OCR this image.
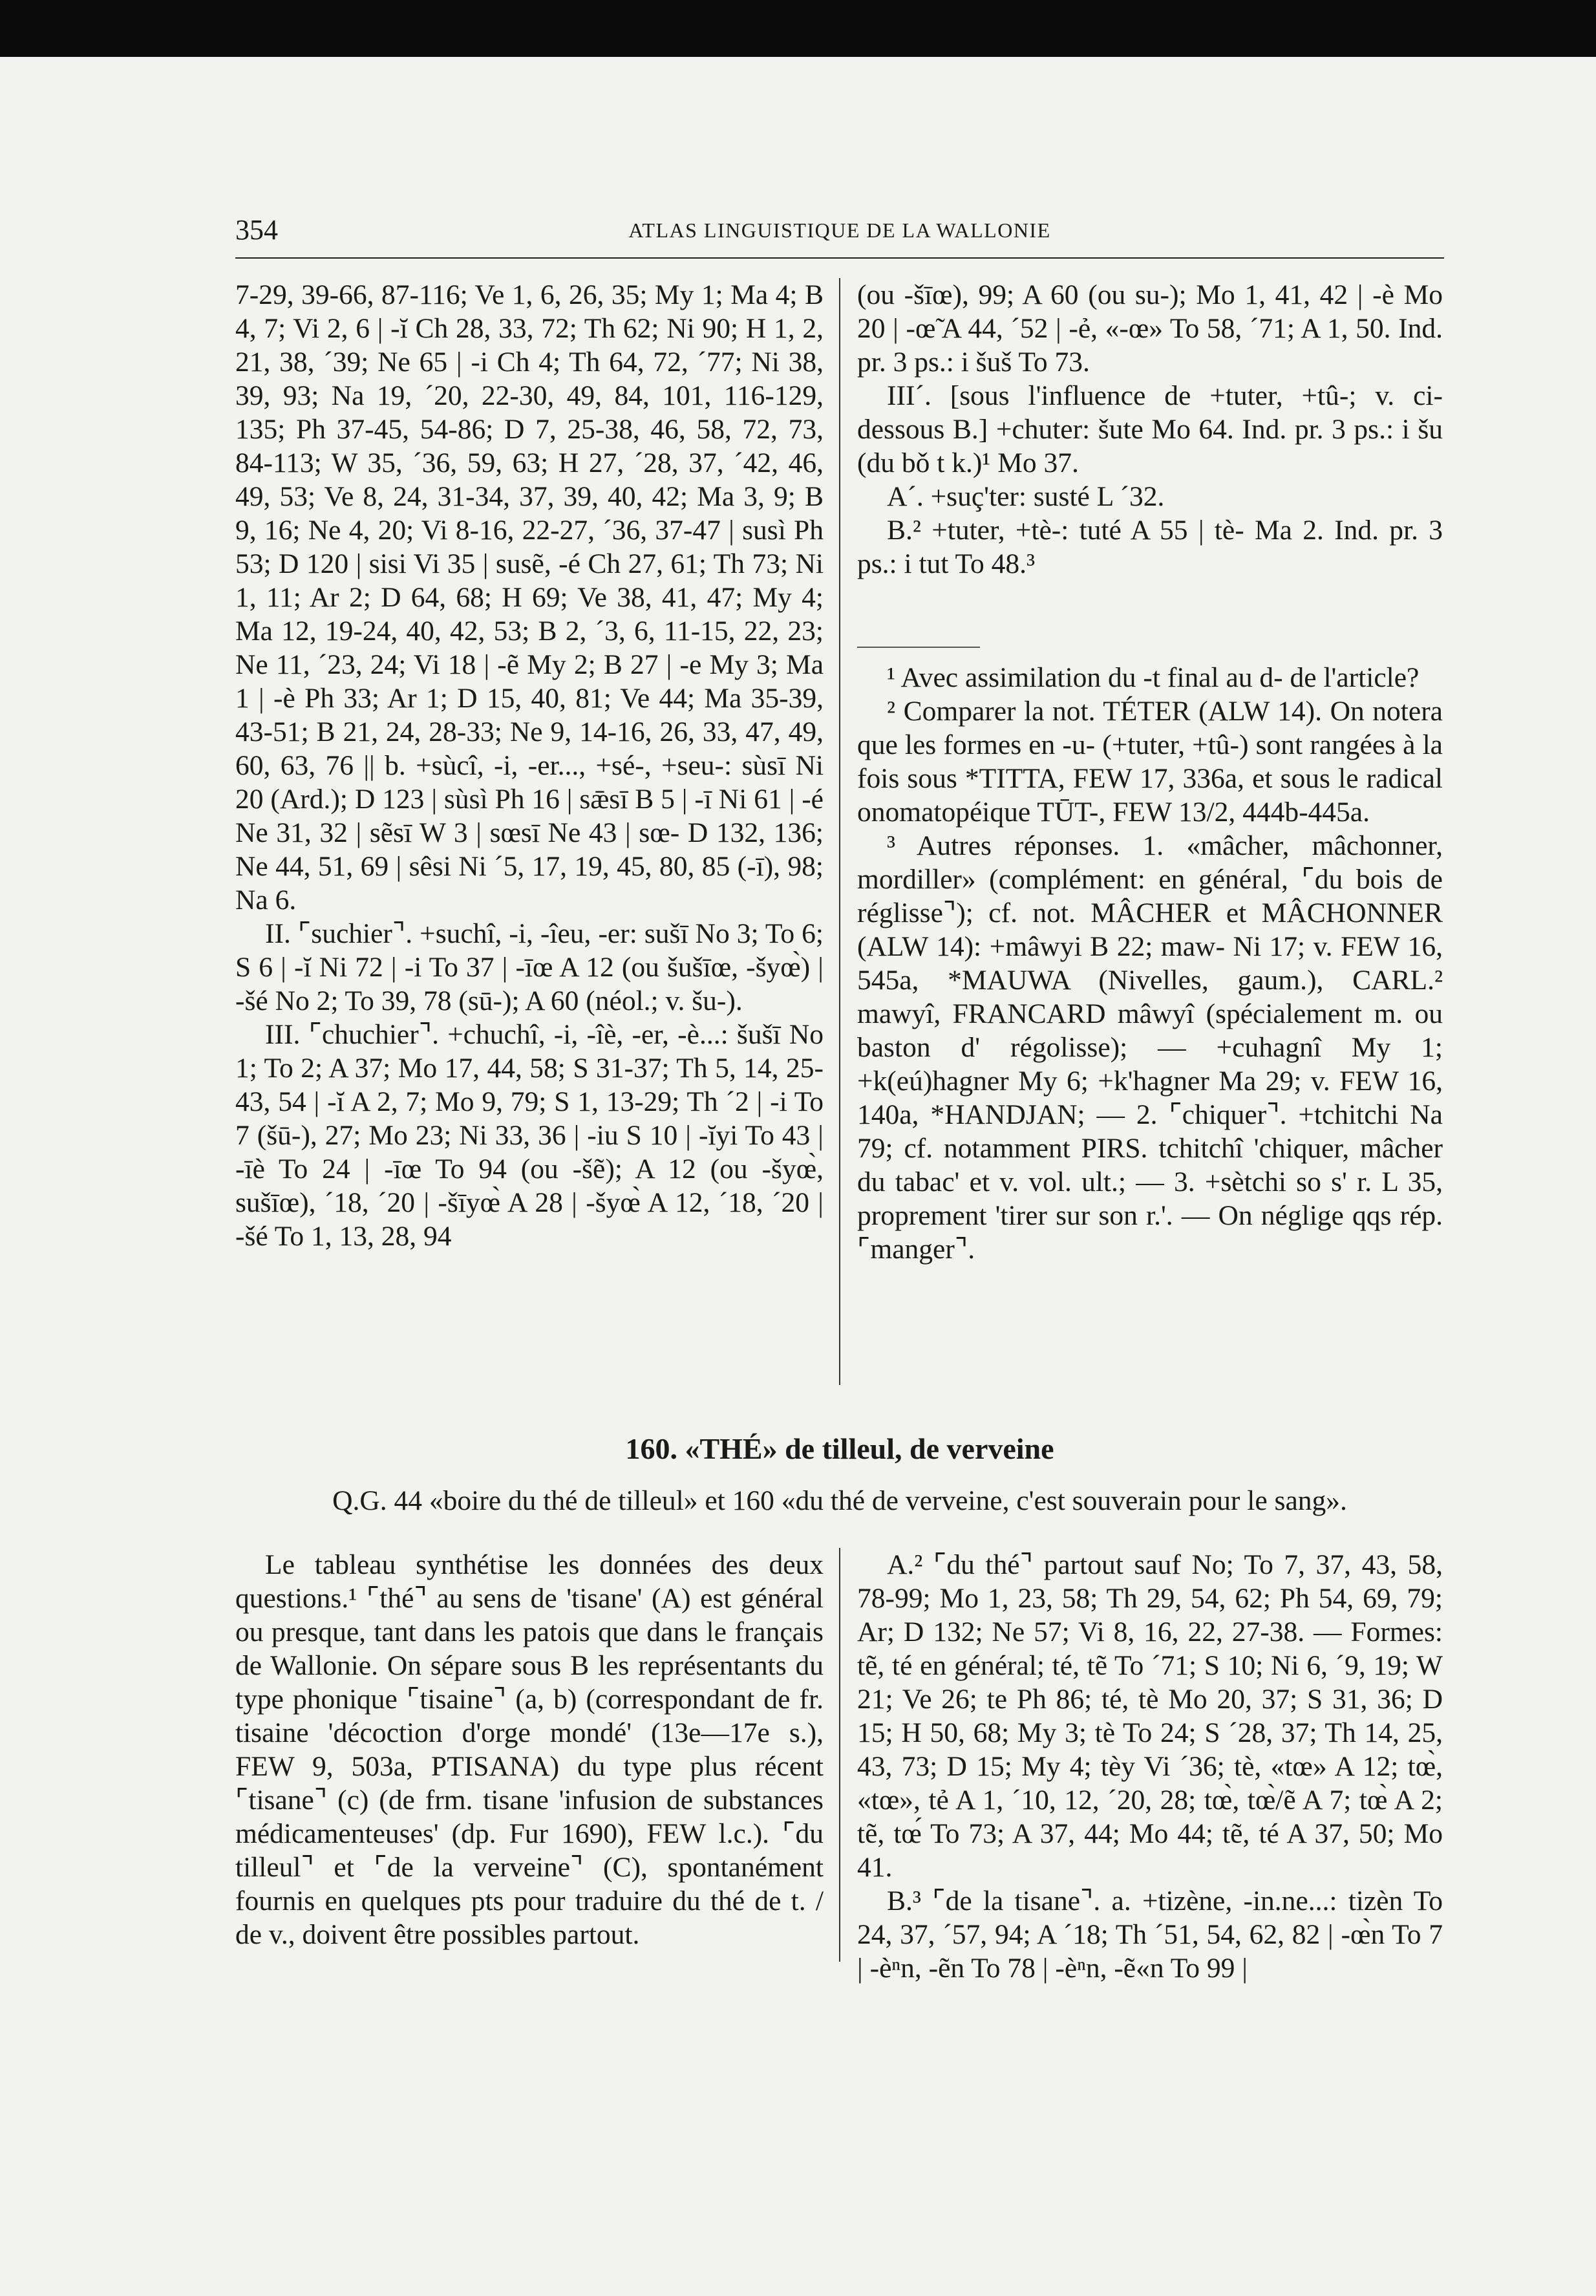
354	ATLAS LINGUISTIQUE DE LA WALLONIE

7-29, 39-66, 87-116; Ve 1, 6, 26, 35; My 1; Ma 4; B 4, 7; Vi 2, 6 | -ĭ Ch 28, 33, 72; Th 62; Ni 90; H 1, 2, 21, 38, ´39; Ne 65 | -i Ch 4; Th 64, 72, ´77; Ni 38, 39, 93; Na 19, ´20, 22-30, 49, 84, 101, 116-129, 135; Ph 37-45, 54-86; D 7, 25-38, 46, 58, 72, 73, 84-113; W 35, ´36, 59, 63; H 27, ´28, 37, ´42, 46, 49, 53; Ve 8, 24, 31-34, 37, 39, 40, 42; Ma 3, 9; B 9, 16; Ne 4, 20; Vi 8-16, 22-27, ´36, 37-47 | susì Ph 53; D 120 | sisi Vi 35 | susẽ, -é Ch 27, 61; Th 73; Ni 1, 11; Ar 2; D 64, 68; H 69; Ve 38, 41, 47; My 4; Ma 12, 19-24, 40, 42, 53; B 2, ´3, 6, 11-15, 22, 23; Ne 11, ´23, 24; Vi 18 | -ẽ My 2; B 27 | -e My 3; Ma 1 | -è Ph 33; Ar 1; D 15, 40, 81; Ve 44; Ma 35-39, 43-51; B 21, 24, 28-33; Ne 9, 14-16, 26, 33, 47, 49, 60, 63, 76 || b. +sùcî, -i, -er..., +sé-, +seu-: sùsī Ni 20 (Ard.); D 123 | sùsì Ph 16 | sǣsī B 5 | -ī Ni 61 | -é Ne 31, 32 | sẽsī W 3 | sœsī Ne 43 | sœ- D 132, 136; Ne 44, 51, 69 | sêsi Ni ´5, 17, 19, 45, 80, 85 (-ī), 98; Na 6.

II. ⌜suchier⌝. +suchî, -i, -îeu, -er: sušī No 3; To 6; S 6 | -ĭ Ni 72 | -i To 37 | -īœ A 12 (ou šušīœ, -šyœ̀) | -šé No 2; To 39, 78 (sū-); A 60 (néol.; v. šu-).

III. ⌜chuchier⌝. +chuchî, -i, -îè, -er, -è...: šušī No 1; To 2; A 37; Mo 17, 44, 58; S 31-37; Th 5, 14, 25-43, 54 | -ĭ A 2, 7; Mo 9, 79; S 1, 13-29; Th ´2 | -i To 7 (šū-), 27; Mo 23; Ni 33, 36 | -iu S 10 | -ĭyi To 43 | -īè To 24 | -īœ To 94 (ou -šẽ); A 12 (ou -šyœ̀, sušīœ), ´18, ´20 | -šīyœ̀ A 28 | -šyœ̀ A 12, ´18, ´20 | -šé To 1, 13, 28, 94

(ou -šīœ), 99; A 60 (ou su-); Mo 1, 41, 42 | -è Mo 20 | -œ̃ A 44, ´52 | -ẻ, «-œ» To 58, ´71; A 1, 50. Ind. pr. 3 ps.: i šuš To 73.

III´. [sous l'influence de +tuter, +tû-; v. ci-dessous B.] +chuter: šute Mo 64. Ind. pr. 3 ps.: i šu (du bǒ t k.)¹ Mo 37.

A´. +suç'ter: susté L ´32.

B.² +tuter, +tè-: tuté A 55 | tè- Ma 2. Ind. pr. 3 ps.: i tut To 48.³

¹ Avec assimilation du -t final au d- de l'article?

² Comparer la not. TÉTER (ALW 14). On notera que les formes en -u- (+tuter, +tû-) sont rangées à la fois sous *TITTA, FEW 17, 336a, et sous le radical onomatopéique TŪT-, FEW 13/2, 444b-445a.

³ Autres réponses. 1. «mâcher, mâchonner, mordiller» (complément: en général, ⌜du bois de réglisse⌝); cf. not. MÂCHER et MÂCHONNER (ALW 14): +mâwyi B 22; maw- Ni 17; v. FEW 16, 545a, *MAUWA (Nivelles, gaum.), CARL.² mawyî, FRANCARD mâwyî (spécialement m. ou baston d' régolisse); — +cuhagnî My 1; +k(eú)hagner My 6; +k'hagner Ma 29; v. FEW 16, 140a, *HANDJAN; — 2. ⌜chiquer⌝. +tchitchi Na 79; cf. notamment PIRS. tchitchî 'chiquer, mâcher du tabac' et v. vol. ult.; — 3. +sètchi so s' r. L 35, proprement 'tirer sur son r.'. — On néglige qqs rép. ⌜manger⌝.

160. «THÉ» de tilleul, de verveine
Q.G. 44 «boire du thé de tilleul» et 160 «du thé de verveine, c'est souverain pour le sang».

Le tableau synthétise les données des deux questions.¹ ⌜thé⌝ au sens de 'tisane' (A) est général ou presque, tant dans les patois que dans le français de Wallonie. On sépare sous B les représentants du type phonique ⌜tisaine⌝ (a, b) (correspondant de fr. tisaine 'décoction d'orge mondé' (13e—17e s.), FEW 9, 503a, PTISANA) du type plus récent ⌜tisane⌝ (c) (de frm. tisane 'infusion de substances médicamenteuses' (dp. Fur 1690), FEW l.c.). ⌜du tilleul⌝ et ⌜de la verveine⌝ (C), spontanément fournis en quelques pts pour traduire du thé de t. / de v., doivent être possibles partout.

A.² ⌜du thé⌝ partout sauf No; To 7, 37, 43, 58, 78-99; Mo 1, 23, 58; Th 29, 54, 62; Ph 54, 69, 79; Ar; D 132; Ne 57; Vi 8, 16, 22, 27-38. — Formes: tẽ, té en général; té, tẽ To ´71; S 10; Ni 6, ´9, 19; W 21; Ve 26; te Ph 86; té, tè Mo 20, 37; S 31, 36; D 15; H 50, 68; My 3; tè To 24; S ´28, 37; Th 14, 25, 43, 73; D 15; My 4; tèy Vi ´36; tè, «tœ» A 12; tœ̀, «tœ», tẻ A 1, ´10, 12, ´20, 28; tœ̀, tœ̀/ẽ A 7; tœ̀ A 2; tẽ, tœ́ To 73; A 37, 44; Mo 44; tẽ, té A 37, 50; Mo 41.

B.³ ⌜de la tisane⌝. a. +tizène, -in.ne...: tizèn To 24, 37, ´57, 94; A ´18; Th ´51, 54, 62, 82 | -œ̀n To 7 | -èⁿn, -ẽn To 78 | -èⁿn, -ẽ«n To 99 |
